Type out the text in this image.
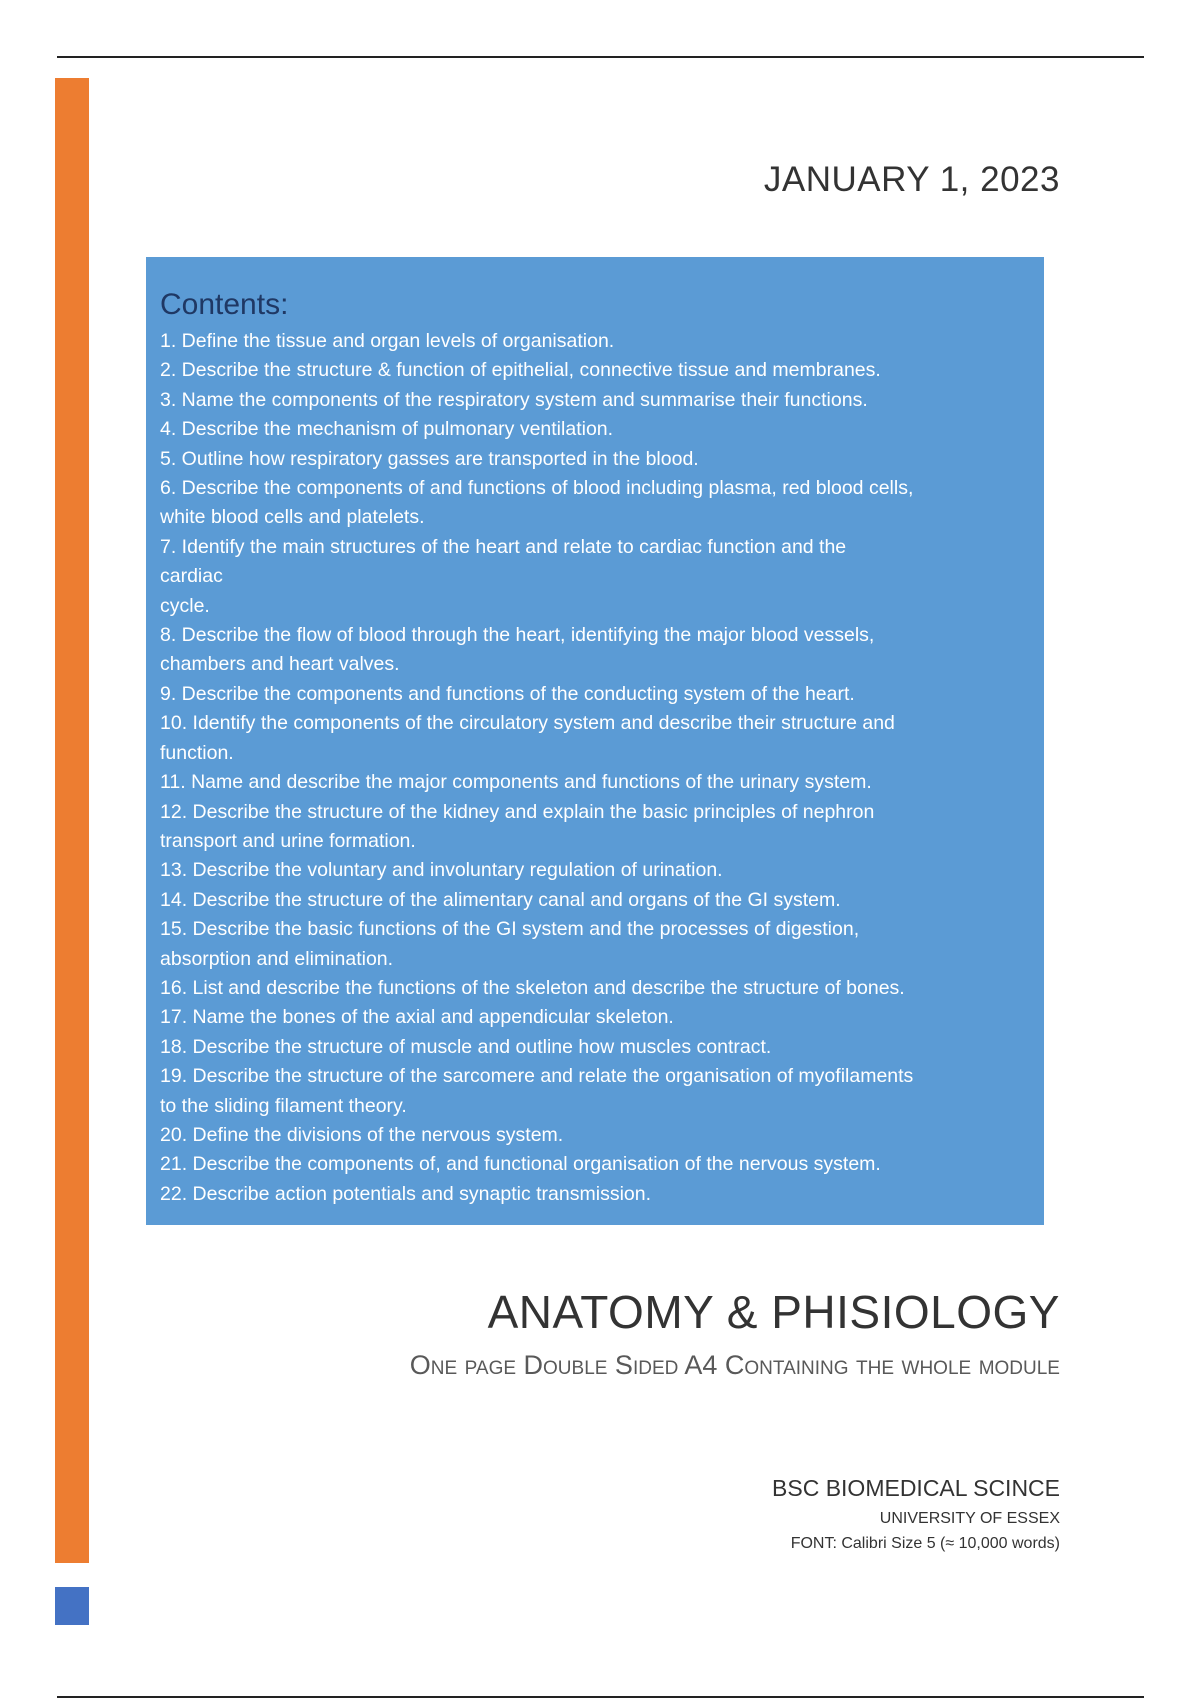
JANUARY 1, 2023
Contents:
1. Define the tissue and organ levels of organisation.
2. Describe the structure & function of epithelial, connective tissue and membranes.
3. Name the components of the respiratory system and summarise their functions.
4. Describe the mechanism of pulmonary ventilation.
5. Outline how respiratory gasses are transported in the blood.
6. Describe the components of and functions of blood including plasma, red blood cells,
white blood cells and platelets.
7. Identify the main structures of the heart and relate to cardiac function and the
cardiac
cycle.
8. Describe the flow of blood through the heart, identifying the major blood vessels,
chambers and heart valves.
9. Describe the components and functions of the conducting system of the heart.
10. Identify the components of the circulatory system and describe their structure and
function.
11. Name and describe the major components and functions of the urinary system.
12. Describe the structure of the kidney and explain the basic principles of nephron
transport and urine formation.
13. Describe the voluntary and involuntary regulation of urination.
14. Describe the structure of the alimentary canal and organs of the GI system.
15. Describe the basic functions of the GI system and the processes of digestion,
absorption and elimination.
16. List and describe the functions of the skeleton and describe the structure of bones.
17. Name the bones of the axial and appendicular skeleton.
18. Describe the structure of muscle and outline how muscles contract.
19. Describe the structure of the sarcomere and relate the organisation of myofilaments
to the sliding filament theory.
20. Define the divisions of the nervous system.
21. Describe the components of, and functional organisation of the nervous system.
22. Describe action potentials and synaptic transmission.
ANATOMY & PHISIOLOGY
One page Double Sided A4 Containing the whole module
BSC BIOMEDICAL SCINCE
UNIVERSITY OF ESSEX
FONT: Calibri Size 5 (≈ 10,000 words)
